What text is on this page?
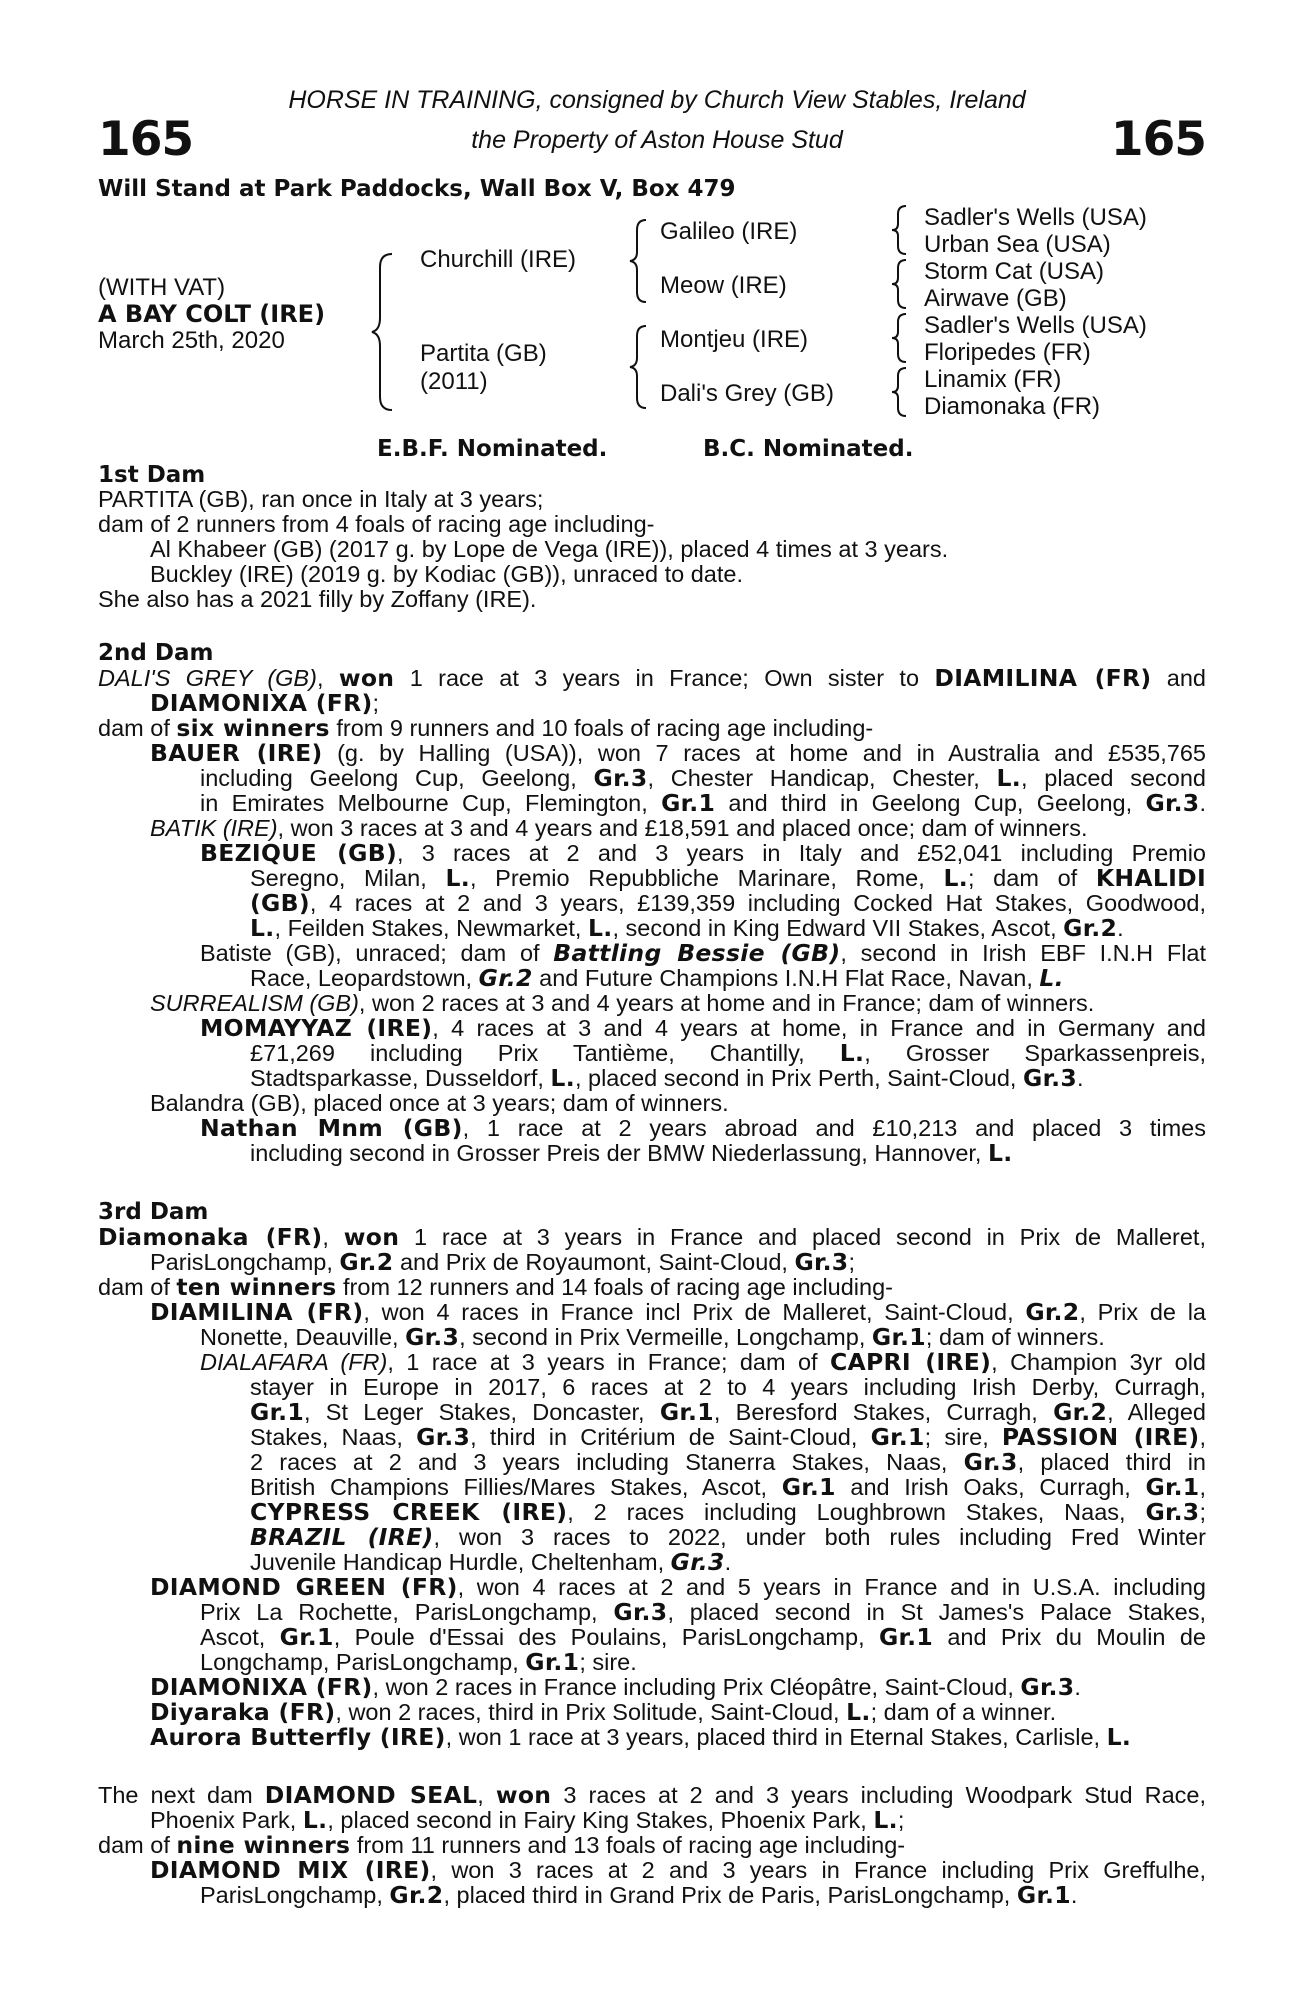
HORSE IN TRAINING, consigned by Church View Stables, Ireland
the Property of Aston House Stud
165	165
Will Stand at Park Paddocks, Wall Box V, Box 479
(WITH VAT)
A BAY COLT (IRE)
March 25th, 2020
Churchill (IRE)
Partita (GB)
(2011)
Galileo (IRE)
Meow (IRE)
Montjeu (IRE)
Dali's Grey (GB)
Sadler's Wells (USA)
Urban Sea (USA)
Storm Cat (USA)
Airwave (GB)
Sadler's Wells (USA)
Floripedes (FR)
Linamix (FR)
Diamonaka (FR)
E.B.F. Nominated.	B.C. Nominated.
1st Dam
PARTITA (GB), ran once in Italy at 3 years;
dam of 2 runners from 4 foals of racing age including-
Al Khabeer (GB) (2017 g. by Lope de Vega (IRE)), placed 4 times at 3 years.
Buckley (IRE) (2019 g. by Kodiac (GB)), unraced to date.
She also has a 2021 filly by Zoffany (IRE).
2nd Dam
DALI'S GREY (GB), won 1 race at 3 years in France; Own sister to DIAMILINA (FR) and
DIAMONIXA (FR);
dam of six winners from 9 runners and 10 foals of racing age including-
BAUER (IRE) (g. by Halling (USA)), won 7 races at home and in Australia and £535,765
including Geelong Cup, Geelong, Gr.3, Chester Handicap, Chester, L., placed second
in Emirates Melbourne Cup, Flemington, Gr.1 and third in Geelong Cup, Geelong, Gr.3.
BATIK (IRE), won 3 races at 3 and 4 years and £18,591 and placed once; dam of winners.
BEZIQUE (GB), 3 races at 2 and 3 years in Italy and £52,041 including Premio
Seregno, Milan, L., Premio Repubbliche Marinare, Rome, L.; dam of KHALIDI
(GB), 4 races at 2 and 3 years, £139,359 including Cocked Hat Stakes, Goodwood,
L., Feilden Stakes, Newmarket, L., second in King Edward VII Stakes, Ascot, Gr.2.
Batiste (GB), unraced; dam of Battling Bessie (GB), second in Irish EBF I.N.H Flat
Race, Leopardstown, Gr.2 and Future Champions I.N.H Flat Race, Navan, L.
SURREALISM (GB), won 2 races at 3 and 4 years at home and in France; dam of winners.
MOMAYYAZ (IRE), 4 races at 3 and 4 years at home, in France and in Germany and
£71,269 including Prix Tantième, Chantilly, L., Grosser Sparkassenpreis,
Stadtsparkasse, Dusseldorf, L., placed second in Prix Perth, Saint-Cloud, Gr.3.
Balandra (GB), placed once at 3 years; dam of winners.
Nathan Mnm (GB), 1 race at 2 years abroad and £10,213 and placed 3 times
including second in Grosser Preis der BMW Niederlassung, Hannover, L.
3rd Dam
Diamonaka (FR), won 1 race at 3 years in France and placed second in Prix de Malleret,
ParisLongchamp, Gr.2 and Prix de Royaumont, Saint-Cloud, Gr.3;
dam of ten winners from 12 runners and 14 foals of racing age including-
DIAMILINA (FR), won 4 races in France incl Prix de Malleret, Saint-Cloud, Gr.2, Prix de la
Nonette, Deauville, Gr.3, second in Prix Vermeille, Longchamp, Gr.1; dam of winners.
DIALAFARA (FR), 1 race at 3 years in France; dam of CAPRI (IRE), Champion 3yr old
stayer in Europe in 2017, 6 races at 2 to 4 years including Irish Derby, Curragh,
Gr.1, St Leger Stakes, Doncaster, Gr.1, Beresford Stakes, Curragh, Gr.2, Alleged
Stakes, Naas, Gr.3, third in Critérium de Saint-Cloud, Gr.1; sire, PASSION (IRE),
2 races at 2 and 3 years including Stanerra Stakes, Naas, Gr.3, placed third in
British Champions Fillies/Mares Stakes, Ascot, Gr.1 and Irish Oaks, Curragh, Gr.1,
CYPRESS CREEK (IRE), 2 races including Loughbrown Stakes, Naas, Gr.3;
BRAZIL (IRE), won 3 races to 2022, under both rules including Fred Winter
Juvenile Handicap Hurdle, Cheltenham, Gr.3.
DIAMOND GREEN (FR), won 4 races at 2 and 5 years in France and in U.S.A. including
Prix La Rochette, ParisLongchamp, Gr.3, placed second in St James's Palace Stakes,
Ascot, Gr.1, Poule d'Essai des Poulains, ParisLongchamp, Gr.1 and Prix du Moulin de
Longchamp, ParisLongchamp, Gr.1; sire.
DIAMONIXA (FR), won 2 races in France including Prix Cléopâtre, Saint-Cloud, Gr.3.
Diyaraka (FR), won 2 races, third in Prix Solitude, Saint-Cloud, L.; dam of a winner.
Aurora Butterfly (IRE), won 1 race at 3 years, placed third in Eternal Stakes, Carlisle, L.
The next dam DIAMOND SEAL, won 3 races at 2 and 3 years including Woodpark Stud Race,
Phoenix Park, L., placed second in Fairy King Stakes, Phoenix Park, L.;
dam of nine winners from 11 runners and 13 foals of racing age including-
DIAMOND MIX (IRE), won 3 races at 2 and 3 years in France including Prix Greffulhe,
ParisLongchamp, Gr.2, placed third in Grand Prix de Paris, ParisLongchamp, Gr.1.
